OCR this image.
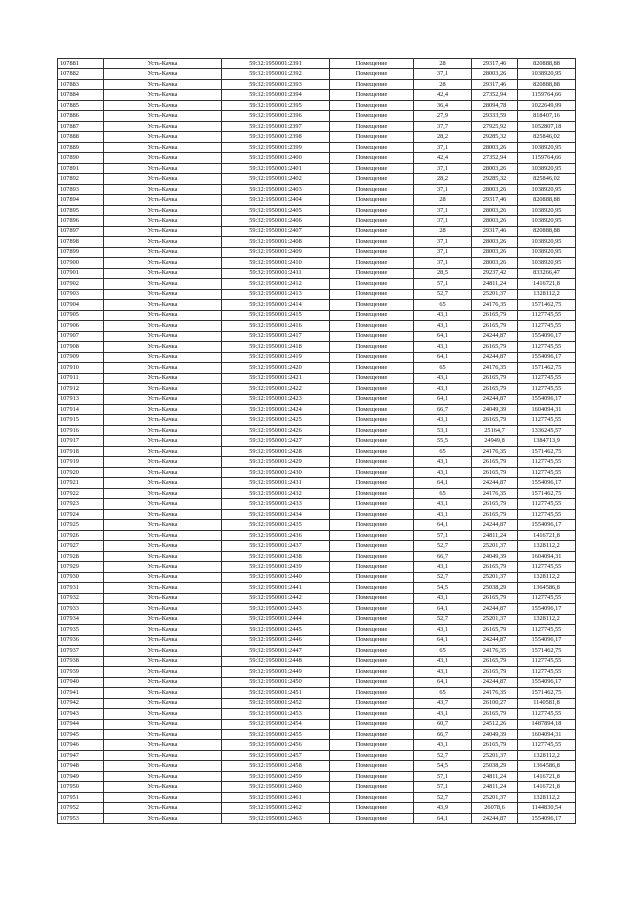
107881	Усть-Качка	59:32:1950001:2391	Помещение	28	29317,46	820888,88
107882	Усть-Качка	59:32:1950001:2392	Помещение	37,1	28003,26	1038920,95
107883	Усть-Качка	59:32:1950001:2393	Помещение	28	29317,46	820888,88
107884	Усть-Качка	59:32:1950001:2394	Помещение	42,4	27352,94	1159764,66
107885	Усть-Качка	59:32:1950001:2395	Помещение	36,4	28094,78	1022649,99
107886	Усть-Качка	59:32:1950001:2396	Помещение	27,9	29333,59	818407,16
107887	Усть-Качка	59:32:1950001:2397	Помещение	37,7	27925,92	1052807,18
107888	Усть-Качка	59:32:1950001:2398	Помещение	28,2	29285,32	825846,02
107889	Усть-Качка	59:32:1950001:2399	Помещение	37,1	28003,26	1038920,95
107890	Усть-Качка	59:32:1950001:2400	Помещение	42,4	27352,94	1159764,66
107891	Усть-Качка	59:32:1950001:2401	Помещение	37,1	28003,26	1038920,95
107892	Усть-Качка	59:32:1950001:2402	Помещение	28,2	29285,32	825846,02
107893	Усть-Качка	59:32:1950001:2403	Помещение	37,1	28003,26	1038920,95
107894	Усть-Качка	59:32:1950001:2404	Помещение	28	29317,46	820888,88
107895	Усть-Качка	59:32:1950001:2405	Помещение	37,1	28003,26	1038920,95
107896	Усть-Качка	59:32:1950001:2406	Помещение	37,1	28003,26	1038920,95
107897	Усть-Качка	59:32:1950001:2407	Помещение	28	29317,46	820888,88
107898	Усть-Качка	59:32:1950001:2408	Помещение	37,1	28003,26	1038920,95
107899	Усть-Качка	59:32:1950001:2409	Помещение	37,1	28003,26	1038920,95
107900	Усть-Качка	59:32:1950001:2410	Помещение	37,1	28003,26	1038920,95
107901	Усть-Качка	59:32:1950001:2411	Помещение	28,5	29237,42	833266,47
107902	Усть-Качка	59:32:1950001:2412	Помещение	57,1	24811,24	1416721,8
107903	Усть-Качка	59:32:1950001:2413	Помещение	52,7	25201,37	1328112,2
107904	Усть-Качка	59:32:1950001:2414	Помещение	65	24176,35	1571462,75
107905	Усть-Качка	59:32:1950001:2415	Помещение	43,1	26165,79	1127745,55
107906	Усть-Качка	59:32:1950001:2416	Помещение	43,1	26165,79	1127745,55
107907	Усть-Качка	59:32:1950001:2417	Помещение	64,1	24244,87	1554096,17
107908	Усть-Качка	59:32:1950001:2418	Помещение	43,1	26165,79	1127745,55
107909	Усть-Качка	59:32:1950001:2419	Помещение	64,1	24244,87	1554096,17
107910	Усть-Качка	59:32:1950001:2420	Помещение	65	24176,35	1571462,75
107911	Усть-Качка	59:32:1950001:2421	Помещение	43,1	26165,79	1127745,55
107912	Усть-Качка	59:32:1950001:2422	Помещение	43,1	26165,79	1127745,55
107913	Усть-Качка	59:32:1950001:2423	Помещение	64,1	24244,87	1554096,17
107914	Усть-Качка	59:32:1950001:2424	Помещение	66,7	24049,39	1604094,31
107915	Усть-Качка	59:32:1950001:2425	Помещение	43,1	26165,79	1127745,55
107916	Усть-Качка	59:32:1950001:2426	Помещение	53,1	25164,7	1336245,57
107917	Усть-Качка	59:32:1950001:2427	Помещение	55,5	24949,8	1384713,9
107918	Усть-Качка	59:32:1950001:2428	Помещение	65	24176,35	1571462,75
107919	Усть-Качка	59:32:1950001:2429	Помещение	43,1	26165,79	1127745,55
107920	Усть-Качка	59:32:1950001:2430	Помещение	43,1	26165,79	1127745,55
107921	Усть-Качка	59:32:1950001:2431	Помещение	64,1	24244,87	1554096,17
107922	Усть-Качка	59:32:1950001:2432	Помещение	65	24176,35	1571462,75
107923	Усть-Качка	59:32:1950001:2433	Помещение	43,1	26165,79	1127745,55
107924	Усть-Качка	59:32:1950001:2434	Помещение	43,1	26165,79	1127745,55
107925	Усть-Качка	59:32:1950001:2435	Помещение	64,1	24244,87	1554096,17
107926	Усть-Качка	59:32:1950001:2436	Помещение	57,1	24811,24	1416721,8
107927	Усть-Качка	59:32:1950001:2437	Помещение	52,7	25201,37	1328112,2
107928	Усть-Качка	59:32:1950001:2438	Помещение	66,7	24049,39	1604094,31
107929	Усть-Качка	59:32:1950001:2439	Помещение	43,1	26165,79	1127745,55
107930	Усть-Качка	59:32:1950001:2440	Помещение	52,7	25201,37	1328112,2
107931	Усть-Качка	59:32:1950001:2441	Помещение	54,5	25038,29	1364586,8
107932	Усть-Качка	59:32:1950001:2442	Помещение	43,1	26165,79	1127745,55
107933	Усть-Качка	59:32:1950001:2443	Помещение	64,1	24244,87	1554096,17
107934	Усть-Качка	59:32:1950001:2444	Помещение	52,7	25201,37	1328112,2
107935	Усть-Качка	59:32:1950001:2445	Помещение	43,1	26165,79	1127745,55
107936	Усть-Качка	59:32:1950001:2446	Помещение	64,1	24244,87	1554096,17
107937	Усть-Качка	59:32:1950001:2447	Помещение	65	24176,35	1571462,75
107938	Усть-Качка	59:32:1950001:2448	Помещение	43,1	26165,79	1127745,55
107939	Усть-Качка	59:32:1950001:2449	Помещение	43,1	26165,79	1127745,55
107940	Усть-Качка	59:32:1950001:2450	Помещение	64,1	24244,87	1554096,17
107941	Усть-Качка	59:32:1950001:2451	Помещение	65	24176,35	1571462,75
107942	Усть-Качка	59:32:1950001:2452	Помещение	43,7	26100,27	1140581,8
107943	Усть-Качка	59:32:1950001:2453	Помещение	43,1	26165,79	1127745,55
107944	Усть-Качка	59:32:1950001:2454	Помещение	60,7	24512,26	1487894,18
107945	Усть-Качка	59:32:1950001:2455	Помещение	66,7	24049,39	1604094,31
107946	Усть-Качка	59:32:1950001:2456	Помещение	43,1	26165,79	1127745,55
107947	Усть-Качка	59:32:1950001:2457	Помещение	52,7	25201,37	1328112,2
107948	Усть-Качка	59:32:1950001:2458	Помещение	54,5	25038,29	1364586,8
107949	Усть-Качка	59:32:1950001:2459	Помещение	57,1	24811,24	1416721,8
107950	Усть-Качка	59:32:1950001:2460	Помещение	57,1	24811,24	1416721,8
107951	Усть-Качка	59:32:1950001:2461	Помещение	52,7	25201,37	1328112,2
107952	Усть-Качка	59:32:1950001:2462	Помещение	43,9	26078,6	1144830,54
107953	Усть-Качка	59:32:1950001:2463	Помещение	64,1	24244,87	1554096,17
